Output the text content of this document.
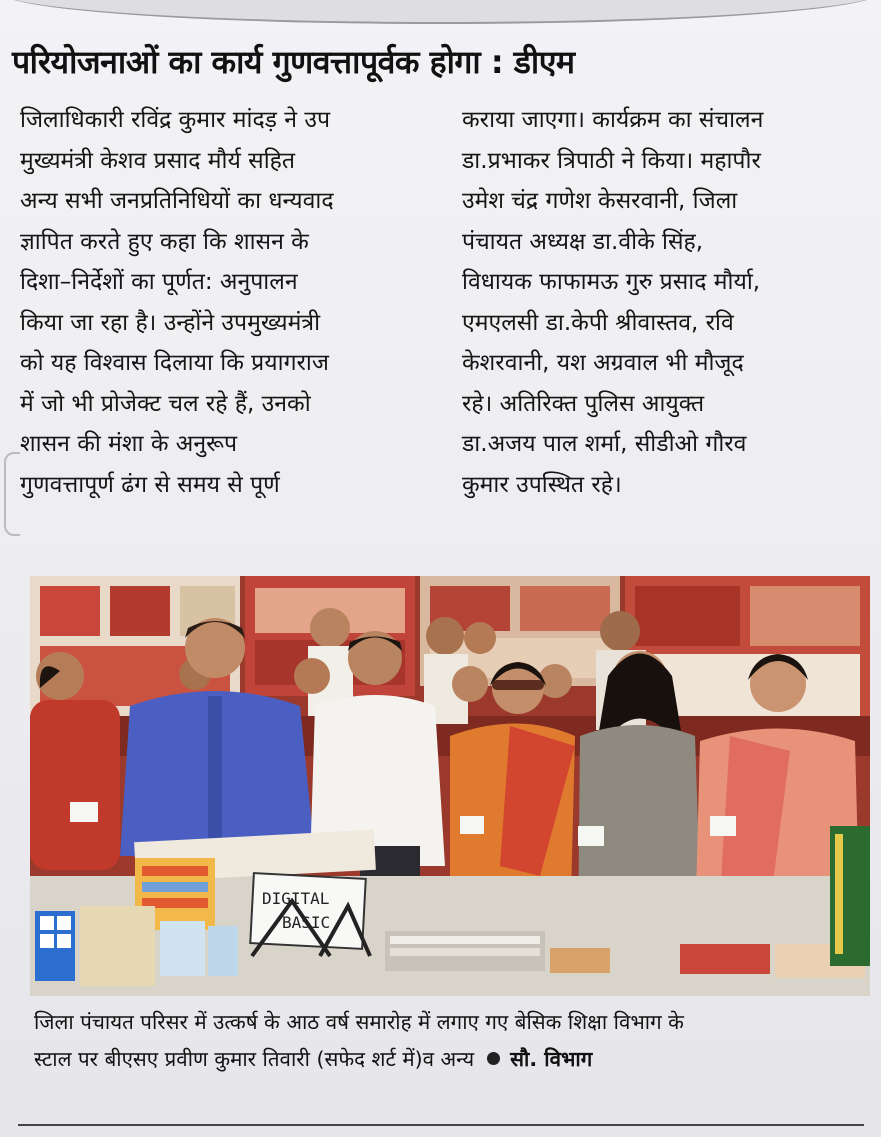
परियोजनाओं का कार्य गुणवत्तापूर्वक होगा : डीएम
जिलाधिकारी रविंद्र कुमार मांदड़ ने उप
मुख्यमंत्री केशव प्रसाद मौर्य सहित
अन्य सभी जनप्रतिनिधियों का धन्यवाद
ज्ञापित करते हुए कहा कि शासन के
दिशा–निर्देशों का पूर्णत: अनुपालन
किया जा रहा है। उन्होंने उपमुख्यमंत्री
को यह विश्वास दिलाया कि प्रयागराज
में जो भी प्रोजेक्ट चल रहे हैं, उनको
शासन की मंशा के अनुरूप
गुणवत्तापूर्ण ढंग से समय से पूर्ण
कराया जाएगा। कार्यक्रम का संचालन
डा.प्रभाकर त्रिपाठी ने किया। महापौर
उमेश चंद्र गणेश केसरवानी, जिला
पंचायत अध्यक्ष डा.वीके सिंह,
विधायक फाफामऊ गुरु प्रसाद मौर्या,
एमएलसी डा.केपी श्रीवास्तव, रवि
केशरवानी, यश अग्रवाल भी मौजूद
रहे। अतिरिक्त पुलिस आयुक्त
डा.अजय पाल शर्मा, सीडीओ गौरव
कुमार उपस्थित रहे।
DIGITAL
BASIC
जिला पंचायत परिसर में उत्कर्ष के आठ वर्ष समारोह में लगाए गए बेसिक शिक्षा विभाग के
स्टाल पर बीएसए प्रवीण कुमार तिवारी (सफेद शर्ट में)व अन्य सौ. विभाग
